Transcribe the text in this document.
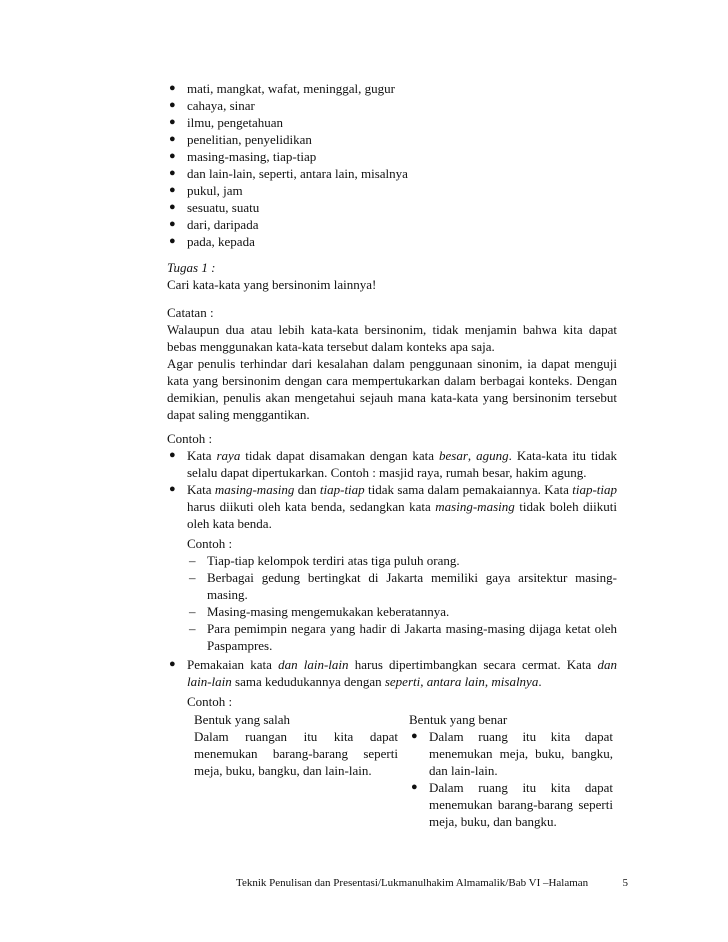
● mati, mangkat, wafat, meninggal, gugur
● cahaya, sinar
● ilmu, pengetahuan
● penelitian, penyelidikan
● masing-masing, tiap-tiap
● dan lain-lain, seperti, antara lain, misalnya
● pukul, jam
● sesuatu, suatu
● dari, daripada
● pada, kepada
Tugas 1 :
Cari kata-kata yang bersinonim lainnya!
Catatan :
Walaupun dua atau lebih kata-kata bersinonim, tidak menjamin bahwa kita dapat bebas menggunakan kata-kata tersebut dalam konteks apa saja.
Agar penulis terhindar dari kesalahan dalam penggunaan sinonim, ia dapat menguji kata yang bersinonim dengan cara mempertukarkan dalam berbagai konteks. Dengan demikian, penulis akan mengetahui sejauh mana kata-kata yang bersinonim tersebut dapat saling menggantikan.
Contoh :
● Kata raya tidak dapat disamakan dengan kata besar, agung. Kata-kata itu tidak selalu dapat dipertukarkan. Contoh : masjid raya, rumah besar, hakim agung.
● Kata masing-masing dan tiap-tiap tidak sama dalam pemakaiannya. Kata tiap-tiap harus diikuti oleh kata benda, sedangkan kata masing-masing tidak boleh diikuti oleh kata benda.
Contoh :
– Tiap-tiap kelompok terdiri atas tiga puluh orang.
– Berbagai gedung bertingkat di Jakarta memiliki gaya arsitektur masing-masing.
– Masing-masing mengemukakan keberatannya.
– Para pemimpin negara yang hadir di Jakarta masing-masing dijaga ketat oleh Paspampres.
● Pemakaian kata dan lain-lain harus dipertimbangkan secara cermat. Kata dan lain-lain sama kedudukannya dengan seperti, antara lain, misalnya.
Contoh :
Bentuk yang salah
Dalam ruangan itu kita dapat menemukan barang-barang seperti meja, buku, bangku, dan lain-lain.
Bentuk yang benar
● Dalam ruang itu kita dapat menemukan meja, buku, bangku, dan lain-lain.
● Dalam ruang itu kita dapat menemukan barang-barang seperti meja, buku, dan bangku.
Teknik Penulisan dan Presentasi/Lukmanulhakim Almamalik/Bab VI –Halaman	5
